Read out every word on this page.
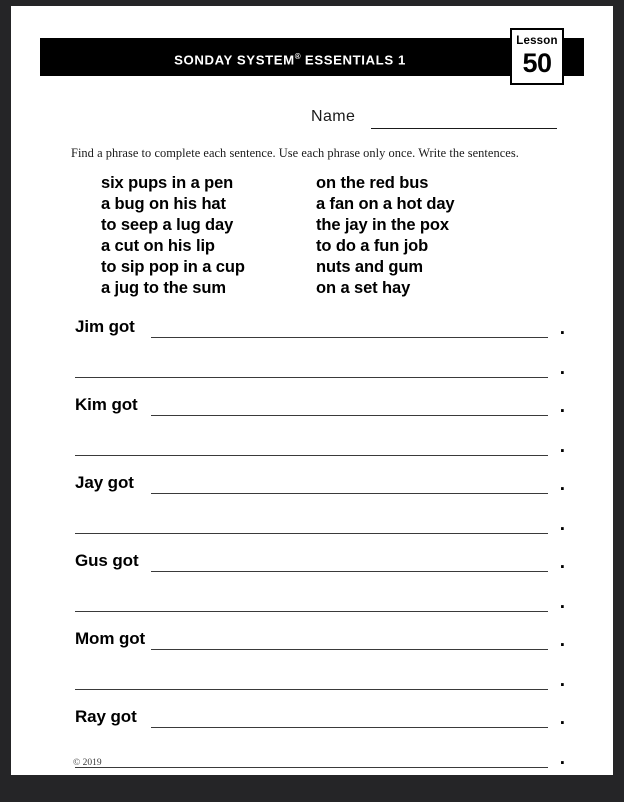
SONDAY SYSTEM® ESSENTIALS 1
Lesson
50
Name
Find a phrase to complete each sentence. Use each phrase only once. Write the sentences.
six pups in a pen
a bug on his hat
to seep a lug day
a cut on his lip
to sip pop in a cup
a jug to the sum
on the red bus
a fan on a hot day
the jay in the pox
to do a fun job
nuts and gum
on a set hay
Jim got	.
.
Kim got	.
.
Jay got	.
.
Gus got	.
.
Mom got	.
.
Ray got	.
.
© 2019
